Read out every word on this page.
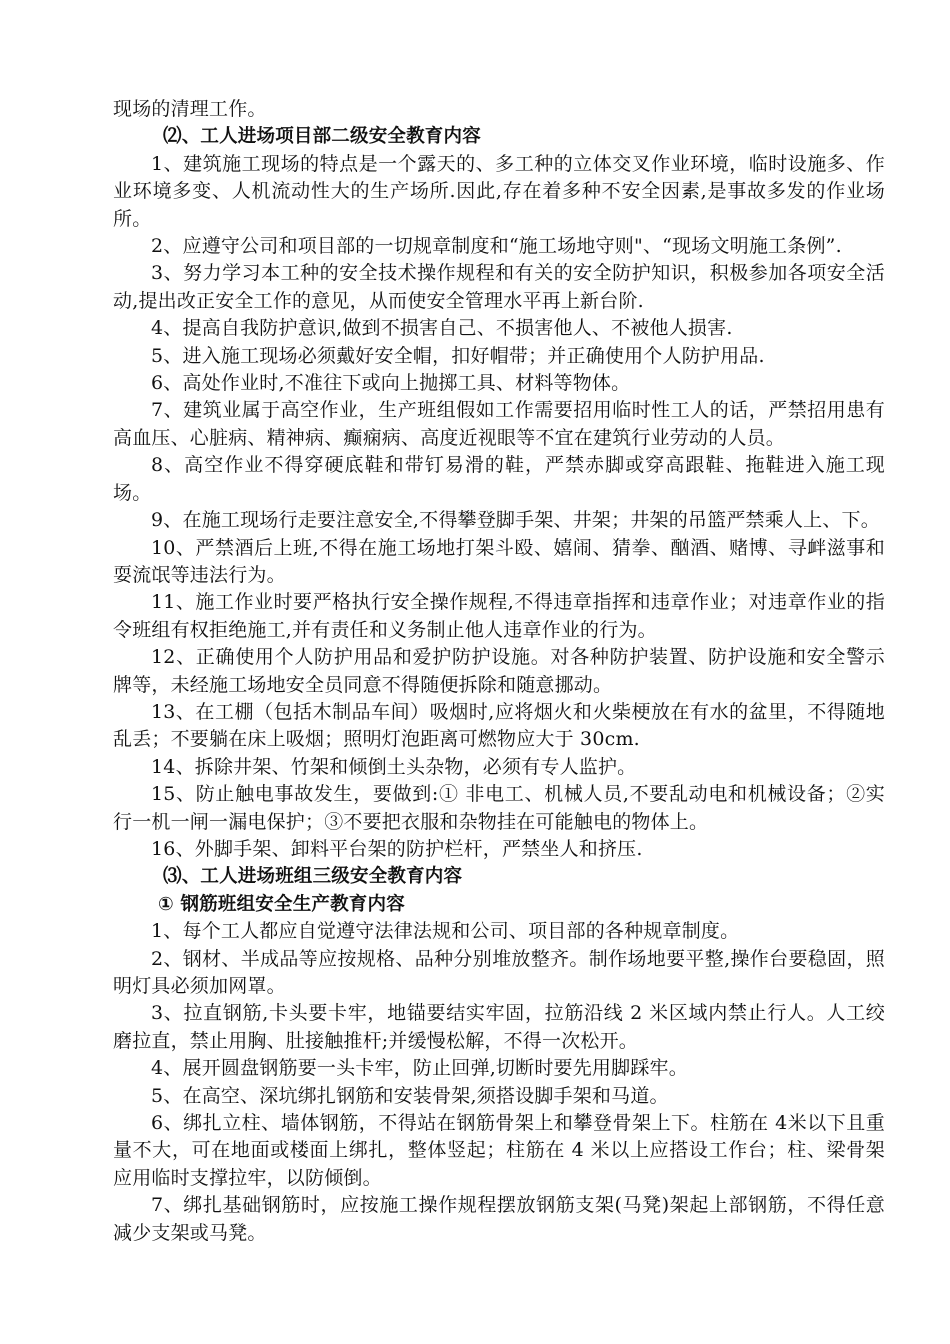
现场的清理工作。

⑵、工人进场项目部二级安全教育内容

1、建筑施工现场的特点是一个露天的、多工种的立体交叉作业环境，临时设施多、作业环境多变、人机流动性大的生产场所.因此,存在着多种不安全因素,是事故多发的作业场所。

2、应遵守公司和项目部的一切规章制度和“施工场地守则"、“现场文明施工条例”.

3、努力学习本工种的安全技术操作规程和有关的安全防护知识，积极参加各项安全活动,提出改正安全工作的意见，从而使安全管理水平再上新台阶.

4、提高自我防护意识,做到不损害自己、不损害他人、不被他人损害.

5、进入施工现场必须戴好安全帽，扣好帽带；并正确使用个人防护用品.

6、高处作业时,不准往下或向上抛掷工具、材料等物体。

7、建筑业属于高空作业，生产班组假如工作需要招用临时性工人的话，严禁招用患有高血压、心脏病、精神病、癫痫病、高度近视眼等不宜在建筑行业劳动的人员。

8、高空作业不得穿硬底鞋和带钉易滑的鞋，严禁赤脚或穿高跟鞋、拖鞋进入施工现场。

9、在施工现场行走要注意安全,不得攀登脚手架、井架；井架的吊篮严禁乘人上、下。

10、严禁酒后上班,不得在施工场地打架斗殴、嬉闹、猜拳、酗酒、赌博、寻衅滋事和耍流氓等违法行为。

11、施工作业时要严格执行安全操作规程,不得违章指挥和违章作业；对违章作业的指令班组有权拒绝施工,并有责任和义务制止他人违章作业的行为。

12、正确使用个人防护用品和爱护防护设施。对各种防护装置、防护设施和安全警示牌等，未经施工场地安全员同意不得随便拆除和随意挪动。

13、在工棚（包括木制品车间）吸烟时,应将烟火和火柴梗放在有水的盆里，不得随地乱丢；不要躺在床上吸烟；照明灯泡距离可燃物应大于 30cm.

14、拆除井架、竹架和倾倒土头杂物，必须有专人监护。

15、防止触电事故发生，要做到:① 非电工、机械人员,不要乱动电和机械设备；②实行一机一闸一漏电保护；③不要把衣服和杂物挂在可能触电的物体上。

16、外脚手架、卸料平台架的防护栏杆，严禁坐人和挤压.

⑶、工人进场班组三级安全教育内容

① 钢筋班组安全生产教育内容

1、每个工人都应自觉遵守法律法规和公司、项目部的各种规章制度。

2、钢材、半成品等应按规格、品种分别堆放整齐。制作场地要平整,操作台要稳固，照明灯具必须加网罩。

3、拉直钢筋,卡头要卡牢，地锚要结实牢固，拉筋沿线 2 米区域内禁止行人。人工绞磨拉直，禁止用胸、肚接触推杆;并缓慢松解，不得一次松开。

4、展开圆盘钢筋要一头卡牢，防止回弹,切断时要先用脚踩牢。

5、在高空、深坑绑扎钢筋和安装骨架,须搭设脚手架和马道。

6、绑扎立柱、墙体钢筋，不得站在钢筋骨架上和攀登骨架上下。柱筋在 4米以下且重量不大，可在地面或楼面上绑扎，整体竖起；柱筋在 4 米以上应搭设工作台；柱、梁骨架应用临时支撑拉牢，以防倾倒。

7、绑扎基础钢筋时，应按施工操作规程摆放钢筋支架(马凳)架起上部钢筋，不得任意减少支架或马凳。
